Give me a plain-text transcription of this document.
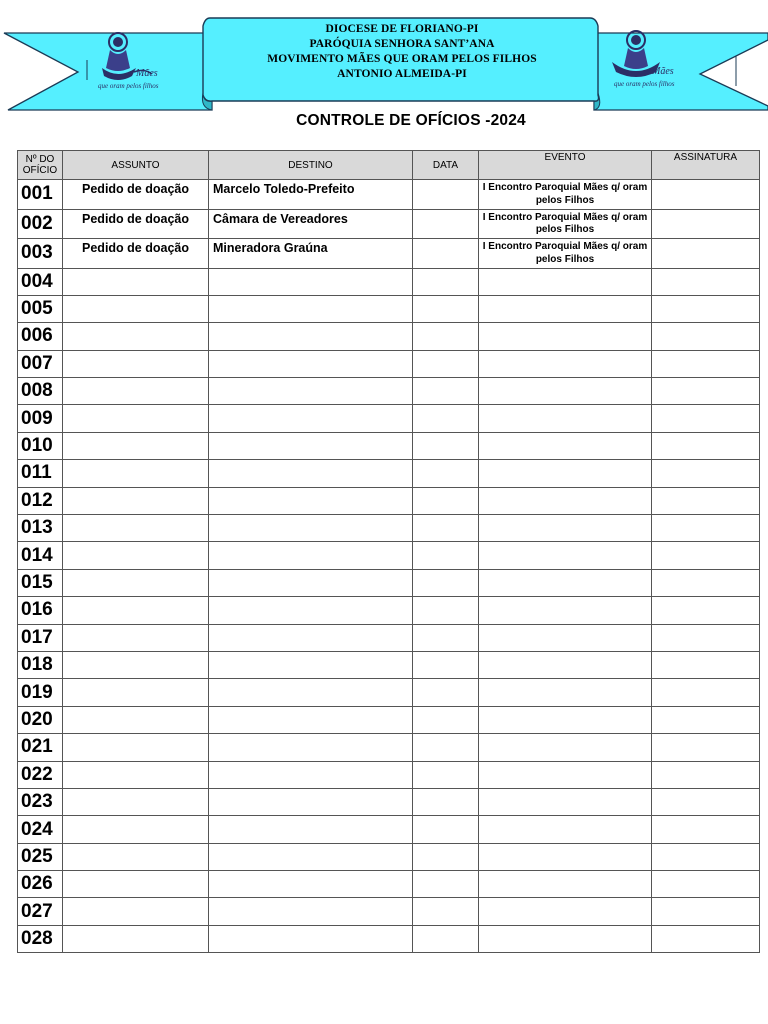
Mães
que oram pelos filhos
Mães
que oram pelos filhos
DIOCESE DE FLORIANO-PI
PARÓQUIA SENHORA SANT’ANA
MOVIMENTO MÃES QUE ORAM PELOS FILHOS
ANTONIO ALMEIDA-PI
CONTROLE DE OFÍCIOS -2024
Nº DO OFÍCIO	ASSUNTO	DESTINO	DATA	EVENTO	ASSINATURA
001	Pedido de doação	Marcelo Toledo-Prefeito		I Encontro Paroquial Mães q/ oram pelos Filhos	
002	Pedido de doação	Câmara de Vereadores		I Encontro Paroquial Mães q/ oram pelos Filhos	
003	Pedido de doação	Mineradora Graúna		I Encontro Paroquial Mães q/ oram pelos Filhos	
004					
005					
006					
007					
008					
009					
010					
011					
012					
013					
014					
015					
016					
017					
018					
019					
020					
021					
022					
023					
024					
025					
026					
027					
028					
